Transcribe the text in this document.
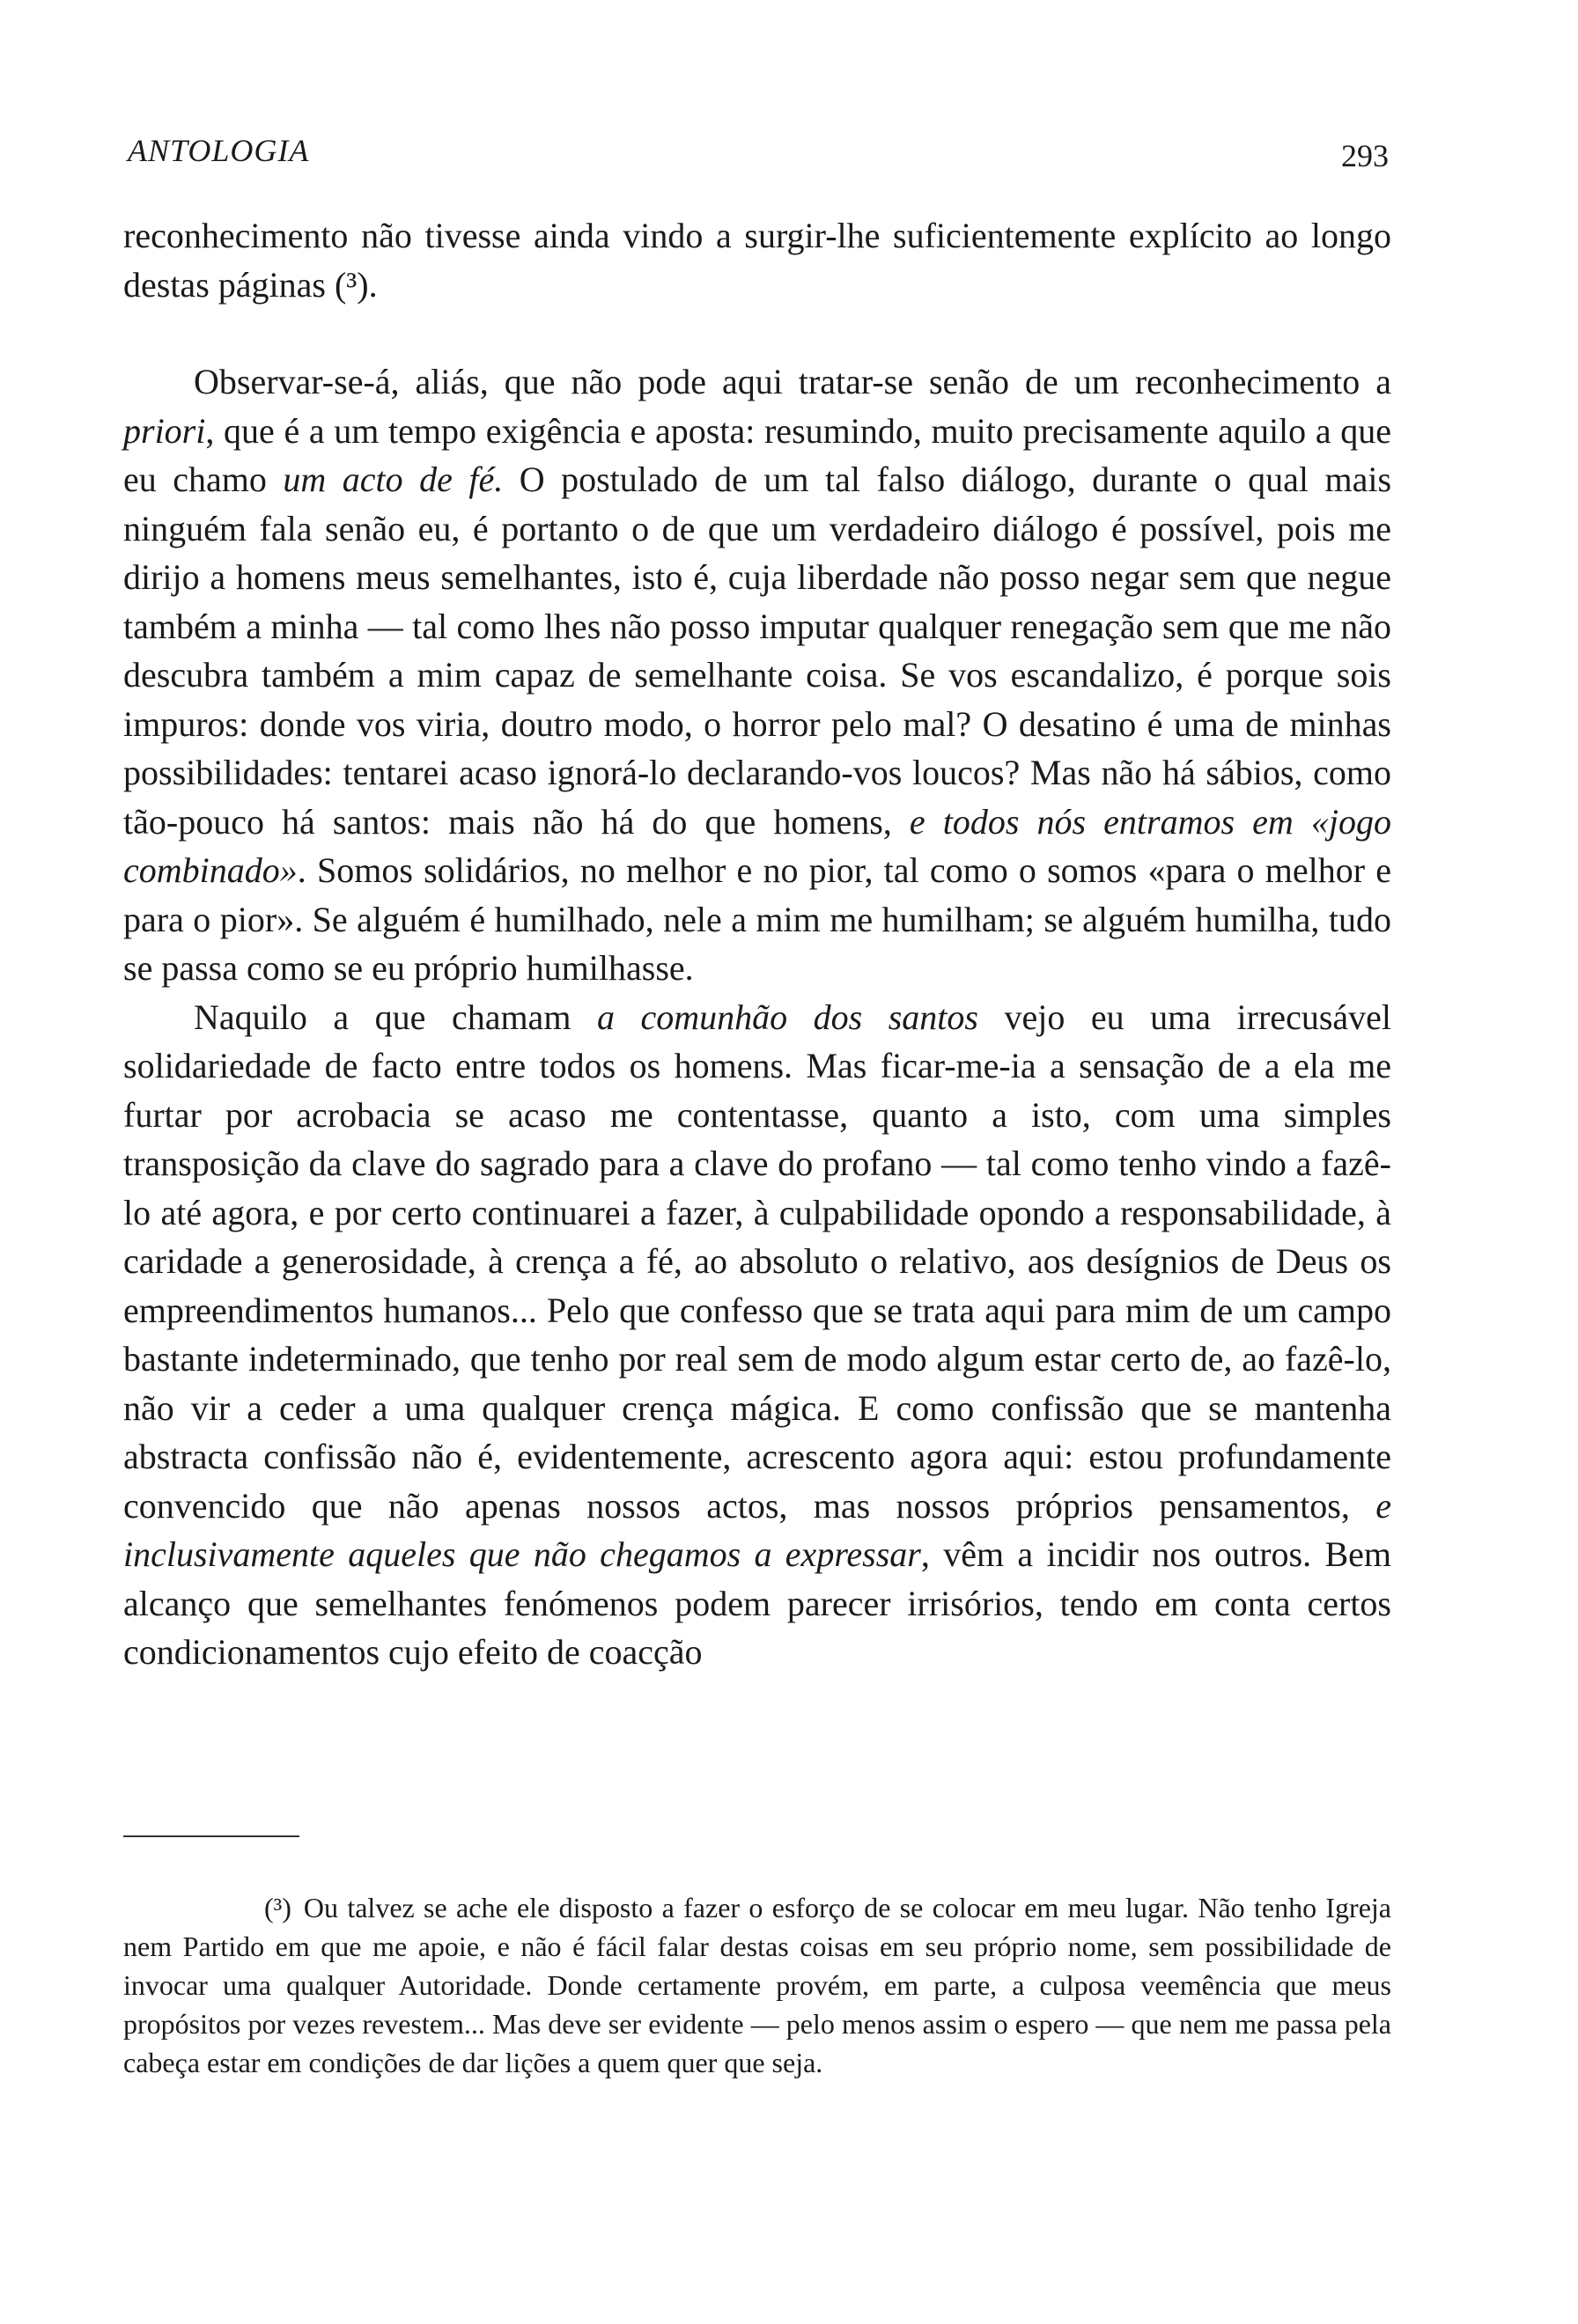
ANTOLOGIA	293

reconhecimento não tivesse ainda vindo a surgir-lhe suficientemente explícito ao longo destas páginas (³).

Observar-se-á, aliás, que não pode aqui tratar-se senão de um reconhecimento a priori, que é a um tempo exigência e aposta: resumindo, muito precisamente aquilo a que eu chamo um acto de fé. O postulado de um tal falso diálogo, durante o qual mais ninguém fala senão eu, é portanto o de que um verdadeiro diálogo é possível, pois me dirijo a homens meus semelhantes, isto é, cuja liberdade não posso negar sem que negue também a minha — tal como lhes não posso imputar qualquer renegação sem que me não descubra também a mim capaz de semelhante coisa. Se vos escandalizo, é porque sois impuros: donde vos viria, doutro modo, o horror pelo mal? O desatino é uma de minhas possibilidades: tentarei acaso ignorá-lo declarando-vos loucos? Mas não há sábios, como tão-pouco há santos: mais não há do que homens, e todos nós entramos em «jogo combinado». Somos solidários, no melhor e no pior, tal como o somos «para o melhor e para o pior». Se alguém é humilhado, nele a mim me humilham; se alguém humilha, tudo se passa como se eu próprio humilhasse.

Naquilo a que chamam a comunhão dos santos vejo eu uma irrecusável solidariedade de facto entre todos os homens. Mas ficar-me-ia a sensação de a ela me furtar por acrobacia se acaso me contentasse, quanto a isto, com uma simples transposição da clave do sagrado para a clave do profano — tal como tenho vindo a fazê-lo até agora, e por certo continuarei a fazer, à culpabilidade opondo a responsabilidade, à caridade a generosidade, à crença a fé, ao absoluto o relativo, aos desígnios de Deus os empreendimentos humanos... Pelo que confesso que se trata aqui para mim de um campo bastante indeterminado, que tenho por real sem de modo algum estar certo de, ao fazê-lo, não vir a ceder a uma qualquer crença mágica. E como confissão que se mantenha abstracta confissão não é, evidentemente, acrescento agora aqui: estou profundamente convencido que não apenas nossos actos, mas nossos próprios pensamentos, e inclusivamente aqueles que não chegamos a expressar, vêm a incidir nos outros. Bem alcanço que semelhantes fenómenos podem parecer irrisórios, tendo em conta certos condicionamentos cujo efeito de coacção

(³) Ou talvez se ache ele disposto a fazer o esforço de se colocar em meu lugar. Não tenho Igreja nem Partido em que me apoie, e não é fácil falar destas coisas em seu próprio nome, sem possibilidade de invocar uma qualquer Autoridade. Donde certamente provém, em parte, a culposa veemência que meus propósitos por vezes revestem... Mas deve ser evidente — pelo menos assim o espero — que nem me passa pela cabeça estar em condições de dar lições a quem quer que seja.
